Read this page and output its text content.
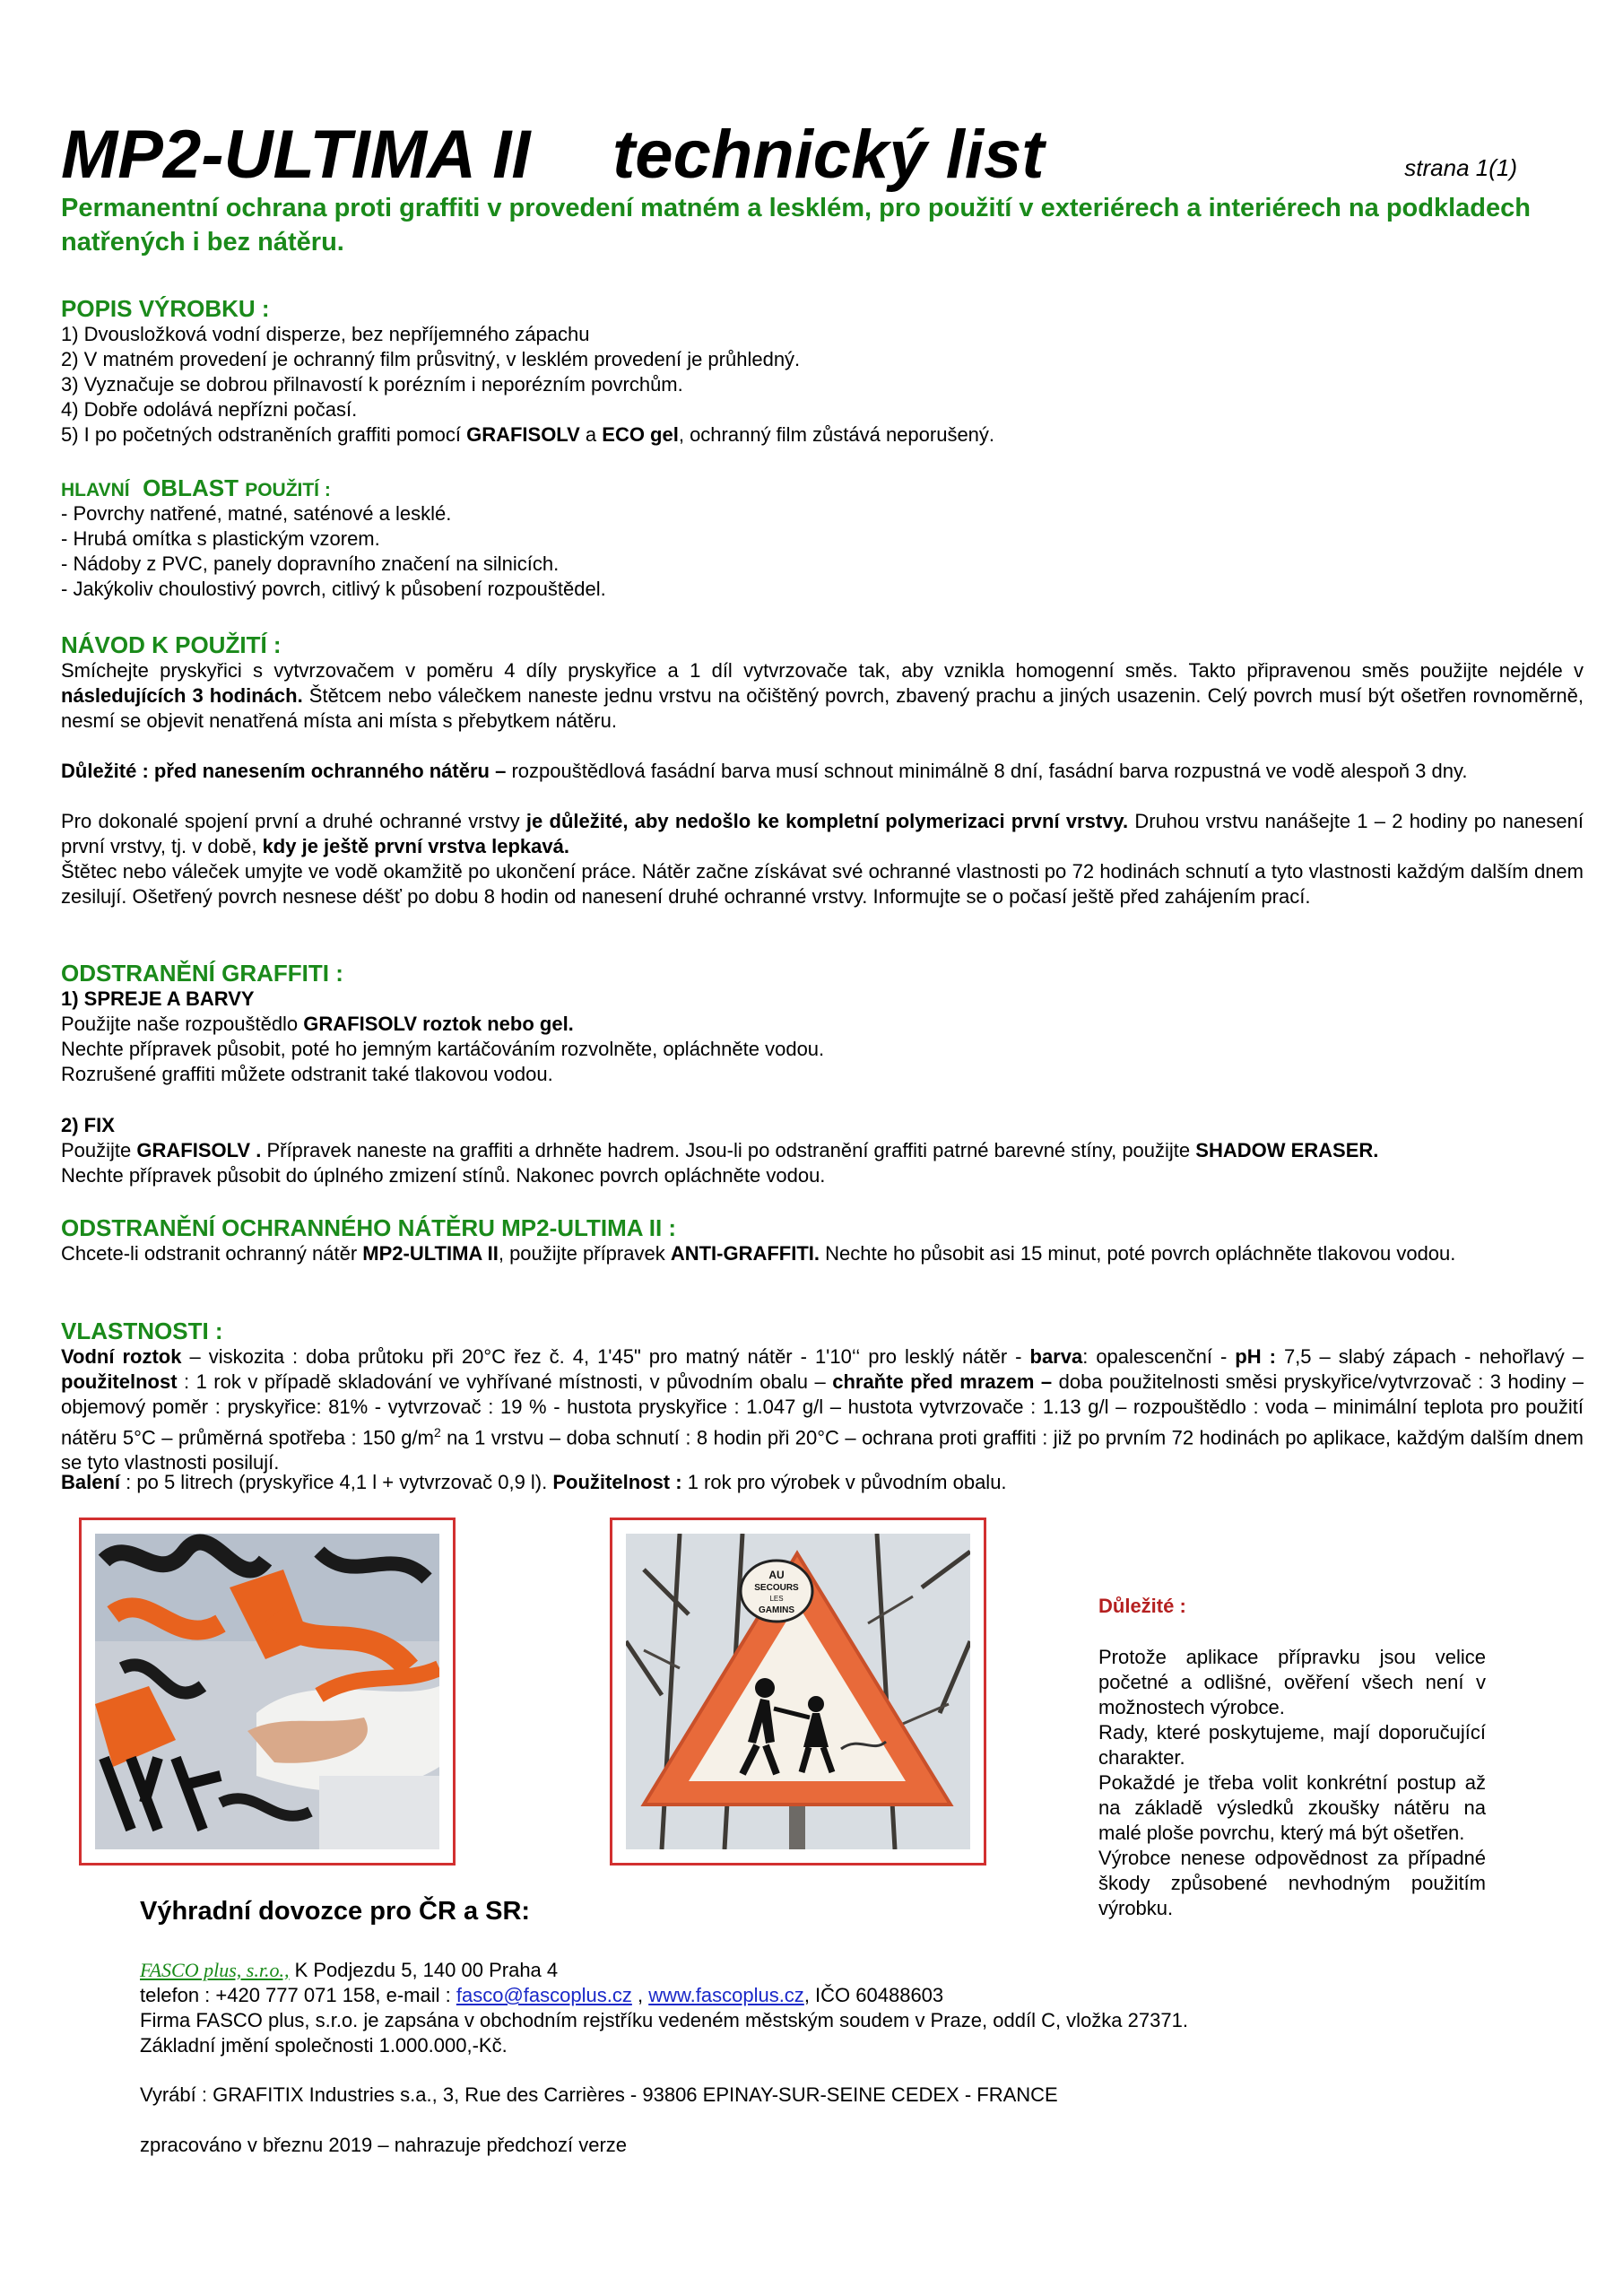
MP2-ULTIMA II technický list	strana 1(1)
Permanentní ochrana proti graffiti v provedení matném a lesklém, pro použití v exteriérech a interiérech na podkladech natřených i bez nátěru.
POPIS VÝROBKU :
1) Dvousložková vodní disperze, bez nepříjemného zápachu
2) V matném provedení je ochranný film průsvitný, v lesklém provedení je průhledný.
3) Vyznačuje se dobrou přilnavostí k porézním i neporézním povrchům.
4) Dobře odolává nepřízni počasí.
5) I po početných odstraněních graffiti pomocí GRAFISOLV a ECO gel, ochranný film zůstává neporušený.
HLAVNÍ OBLAST POUŽITÍ :
- Povrchy natřené, matné, saténové a lesklé.
- Hrubá omítka s plastickým vzorem.
- Nádoby z PVC, panely dopravního značení na silnicích.
- Jakýkoliv choulostivý povrch, citlivý k působení rozpouštědel.
NÁVOD K POUŽITÍ :
Smíchejte pryskyřici s vytvrzovačem v poměru 4 díly pryskyřice a 1 díl vytvrzovače tak, aby vznikla homogenní směs. Takto připravenou směs použijte nejdéle v následujících 3 hodinách. Štětcem nebo válečkem naneste jednu vrstvu na očištěný povrch, zbavený prachu a jiných usazenin. Celý povrch musí být ošetřen rovnoměrně, nesmí se objevit nenatřená místa ani místa s přebytkem nátěru.
Důležité : před nanesením ochranného nátěru – rozpouštědlová fasádní barva musí schnout minimálně 8 dní, fasádní barva rozpustná ve vodě alespoň 3 dny.
Pro dokonalé spojení první a druhé ochranné vrstvy je důležité, aby nedošlo ke kompletní polymerizaci první vrstvy. Druhou vrstvu nanášejte 1 – 2 hodiny po nanesení první vrstvy, tj. v době, kdy je ještě první vrstva lepkavá.
Štětec nebo váleček umyjte ve vodě okamžitě po ukončení práce. Nátěr začne získávat své ochranné vlastnosti po 72 hodinách schnutí a tyto vlastnosti každým dalším dnem zesilují. Ošetřený povrch nesnese déšť po dobu 8 hodin od nanesení druhé ochranné vrstvy. Informujte se o počasí ještě před zahájením prací.
ODSTRANĚNÍ GRAFFITI :
1) SPREJE A BARVY
Použijte naše rozpouštědlo GRAFISOLV roztok nebo gel.
Nechte přípravek působit, poté ho jemným kartáčováním rozvolněte, opláchněte vodou.
Rozrušené graffiti můžete odstranit také tlakovou vodou.
2) FIX
Použijte GRAFISOLV . Přípravek naneste na graffiti a drhněte hadrem. Jsou-li po odstranění graffiti patrné barevné stíny, použijte SHADOW ERASER.
Nechte přípravek působit do úplného zmizení stínů. Nakonec povrch opláchněte vodou.
ODSTRANĚNÍ OCHRANNÉHO NÁTĚRU MP2-ULTIMA II :
Chcete-li odstranit ochranný nátěr MP2-ULTIMA II, použijte přípravek ANTI-GRAFFITI. Nechte ho působit asi 15 minut, poté povrch opláchněte tlakovou vodou.
VLASTNOSTI :
Vodní roztok – viskozita : doba průtoku při 20°C řez č. 4, 1'45" pro matný nátěr - 1'10‘‘ pro lesklý nátěr - barva: opalescenční - pH : 7,5 – slabý zápach - nehořlavý – použitelnost : 1 rok v případě skladování ve vyhřívané místnosti, v původním obalu – chraňte před mrazem – doba použitelnosti směsi pryskyřice/vytvrzovač : 3 hodiny – objemový poměr : pryskyřice: 81% - vytvrzovač : 19 % - hustota pryskyřice : 1.047 g/l – hustota vytvrzovače : 1.13 g/l – rozpouštědlo : voda – minimální teplota pro použití nátěru 5°C – průměrná spotřeba : 150 $g/m^2$ na 1 vrstvu – doba schnutí : 8 hodin při 20°C – ochrana proti graffiti : již po prvním 72 hodinách po aplikace, každým dalším dnem se tyto vlastnosti posilují.
Balení : po 5 litrech (pryskyřice 4,1 l + vytvrzovač 0,9 l). Použitelnost : 1 rok pro výrobek v původním obalu.
AU
SECOURS
LES
GAMINS	Důležité :
Protože aplikace přípravku jsou velice početné a odlišné, ověření všech není v možnostech výrobce.
Rady, které poskytujeme, mají doporučující charakter.
Pokaždé je třeba volit konkrétní postup až na základě výsledků zkoušky nátěru na malé ploše povrchu, který má být ošetřen.
Výrobce nenese odpovědnost za případné škody způsobené nevhodným použitím výrobku.
Výhradní dovozce pro ČR a SR:
FASCO plus, s.r.o., K Podjezdu 5, 140 00 Praha 4
telefon : +420 777 071 158, e-mail : fasco@fascoplus.cz , www.fascoplus.cz, IČO 60488603
Firma FASCO plus, s.r.o. je zapsána v obchodním rejstříku vedeném městským soudem v Praze, oddíl C, vložka 27371.
Základní jmění společnosti 1.000.000,-Kč.
Vyrábí : GRAFITIX Industries s.a., 3, Rue des Carrières - 93806 EPINAY-SUR-SEINE CEDEX - FRANCE
zpracováno v březnu 2019 – nahrazuje předchozí verze
